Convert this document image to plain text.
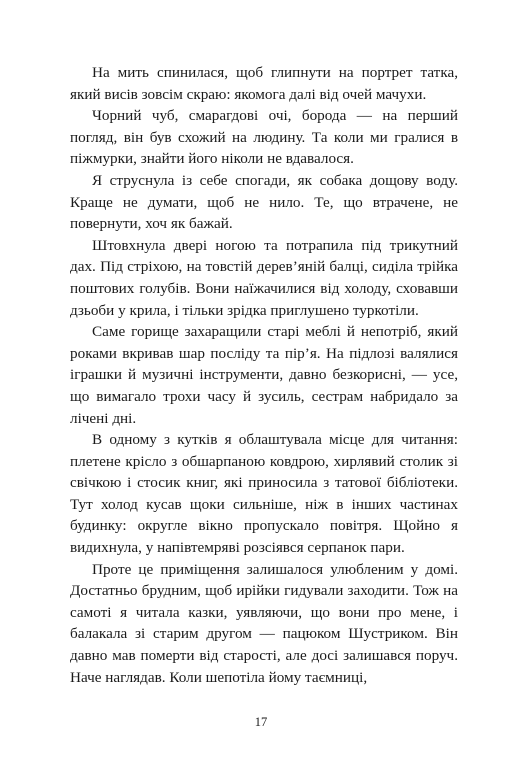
На мить спинилася, щоб глипнути на портрет татка, який висів зовсім скраю: якомога далі від очей мачухи.

Чорний чуб, смарагдові очі, борода — на перший погляд, він був схожий на людину. Та коли ми гралися в піжмурки, знайти його ніколи не вдавалося.

Я струснула із себе спогади, як собака дощову воду. Краще не думати, щоб не нило. Те, що втрачене, не повернути, хоч як бажай.

Штовхнула двері ногою та потрапила під трикутний дах. Під стріхою, на товстій дерев’яній балці, сиділа трійка поштових голубів. Вони наїжачилися від холоду, сховавши дзьоби у крила, і тільки зрідка приглушено туркотіли.

Саме горище захаращили старі меблі й непотріб, який роками вкривав шар посліду та пір’я. На підлозі валялися іграшки й музичні інструменти, давно безкорисні, — усе, що вимагало трохи часу й зусиль, сестрам набридало за лічені дні.

В одному з кутків я облаштувала місце для читання: плетене крісло з обшарпаною ковдрою, хирлявий столик зі свічкою і стосик книг, які приносила з татової бібліотеки. Тут холод кусав щоки сильніше, ніж в інших частинах будинку: округле вікно пропускало повітря. Щойно я видихнула, у напівтемряві розсіявся серпанок пари.

Проте це приміщення залишалося улюбленим у домі. Достатньо брудним, щоб ирійки гидували заходити. Тож на самоті я читала казки, уявляючи, що вони про мене, і балакала зі старим другом — пацюком Шустриком. Він давно мав померти від старості, але досі залишався поруч. Наче наглядав. Коли шепотіла йому таємниці,

17
